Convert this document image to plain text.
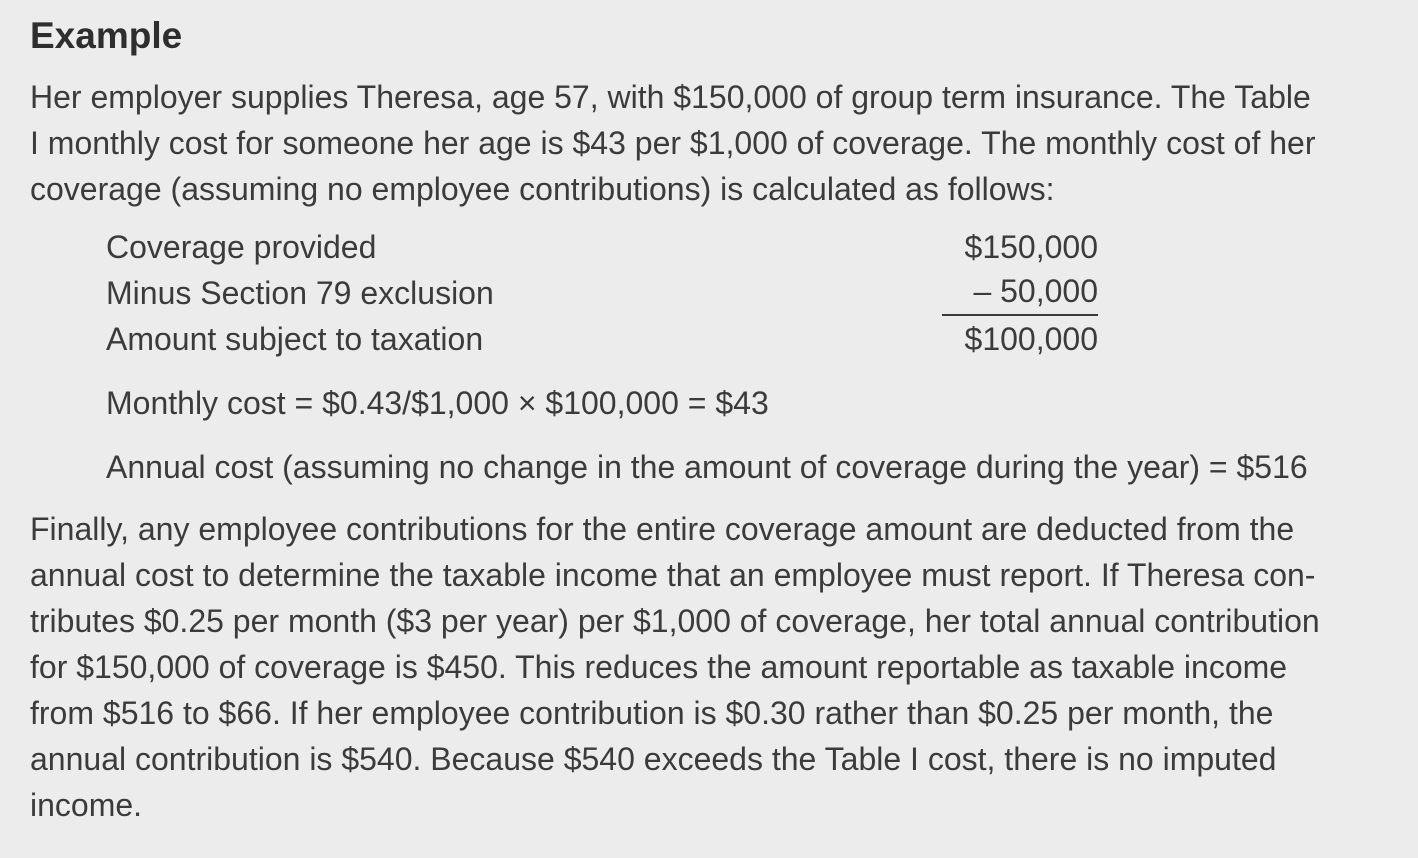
Example
Her employer supplies Theresa, age 57, with $150,000 of group term insurance. The Table
I monthly cost for someone her age is $43 per $1,000 of coverage. The monthly cost of her
coverage (assuming no employee contributions) is calculated as follows:
Coverage provided	$150,000
Minus Section 79 exclusion	– 50,000
Amount subject to taxation	$100,000
Monthly cost = $0.43/$1,000 × $100,000 = $43
Annual cost (assuming no change in the amount of coverage during the year) = $516
Finally, any employee contributions for the entire coverage amount are deducted from the
annual cost to determine the taxable income that an employee must report. If Theresa con-
tributes $0.25 per month ($3 per year) per $1,000 of coverage, her total annual contribution
for $150,000 of coverage is $450. This reduces the amount reportable as taxable income
from $516 to $66. If her employee contribution is $0.30 rather than $0.25 per month, the
annual contribution is $540. Because $540 exceeds the Table I cost, there is no imputed
income.
